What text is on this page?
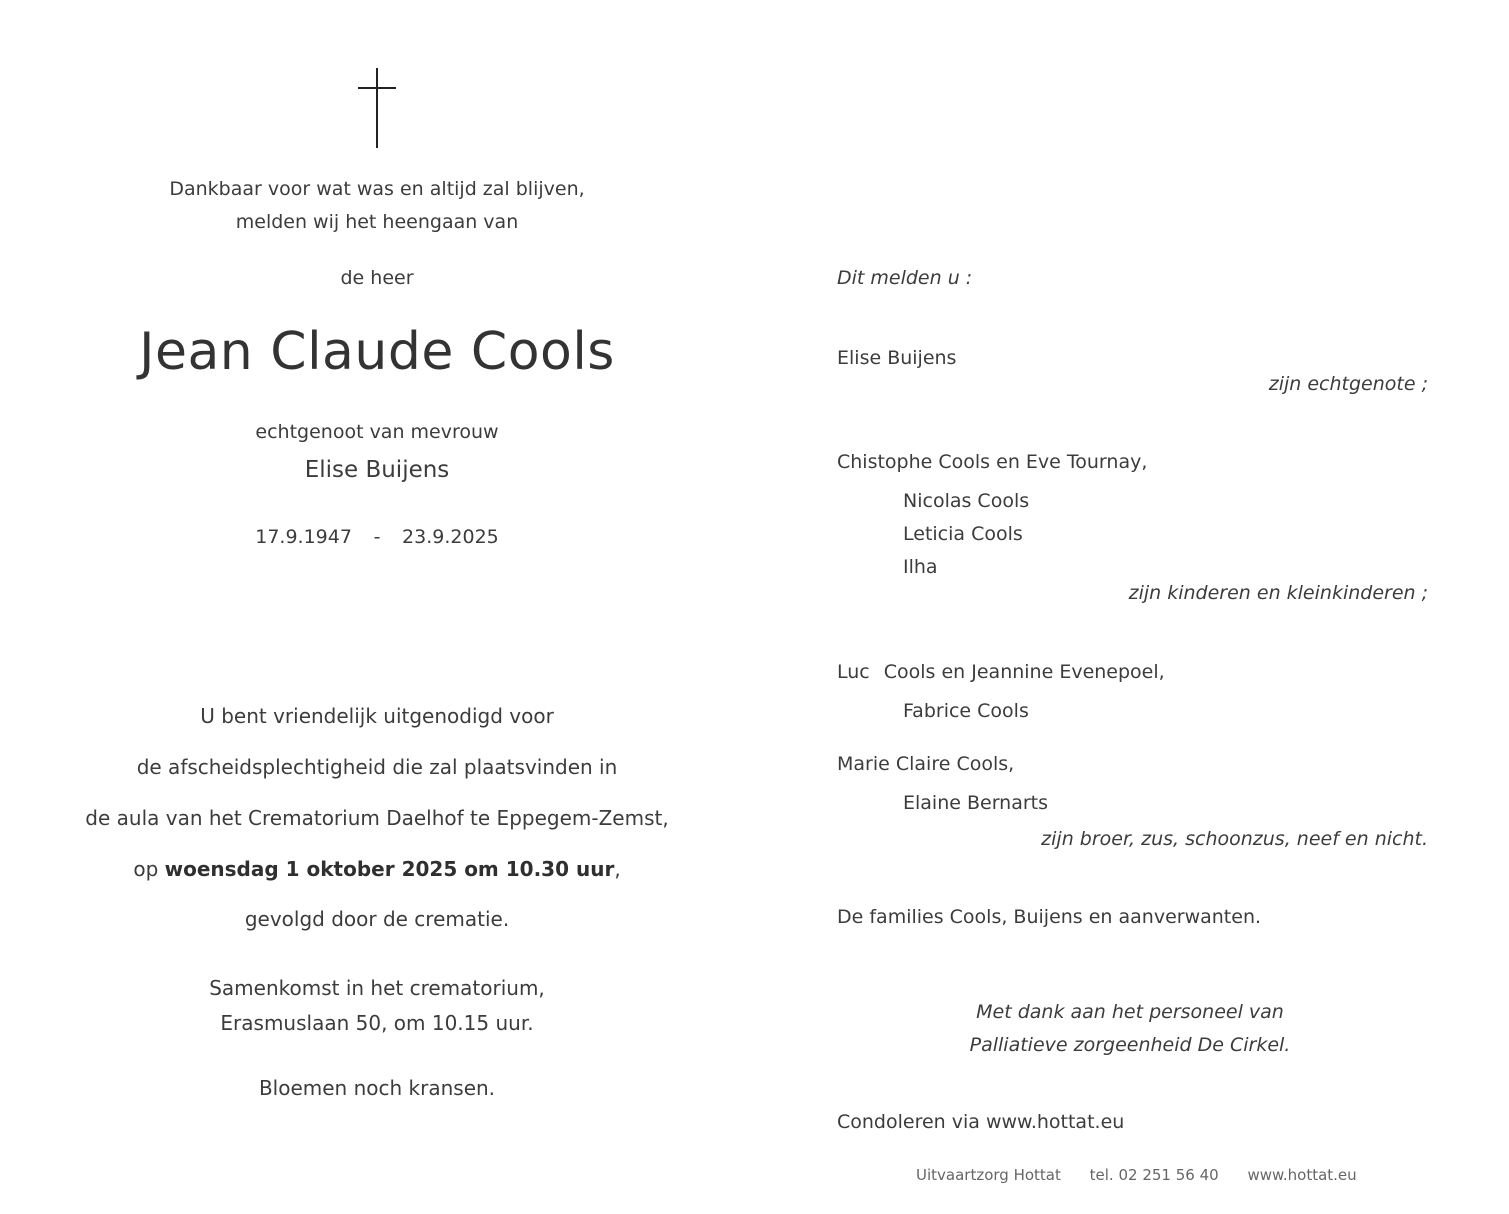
Dankbaar voor wat was en altijd zal blijven,
melden wij het heengaan van
de heer
Jean Claude Cools
echtgenoot van mevrouw
Elise Buijens
17.9.1947 - 23.9.2025
U bent vriendelijk uitgenodigd voor
de afscheidsplechtigheid die zal plaatsvinden in
de aula van het Crematorium Daelhof te Eppegem-Zemst,
op woensdag 1 oktober 2025 om 10.30 uur,
gevolgd door de crematie.
Samenkomst in het crematorium,
Erasmuslaan 50, om 10.15 uur.
Bloemen noch kransen.
Dit melden u :
Elise Buijens
zijn echtgenote ;
Chistophe Cools en Eve Tournay,
Nicolas Cools
Leticia Cools
Ilha
zijn kinderen en kleinkinderen ;
Luc Cools en Jeannine Evenepoel,
Fabrice Cools
Marie Claire Cools,
Elaine Bernarts
zijn broer, zus, schoonzus, neef en nicht.
De families Cools, Buijens en aanverwanten.
Met dank aan het personeel van
Palliatieve zorgeenheid De Cirkel.
Condoleren via www.hottat.eu
Uitvaartzorg Hottat tel. 02 251 56 40 www.hottat.eu
